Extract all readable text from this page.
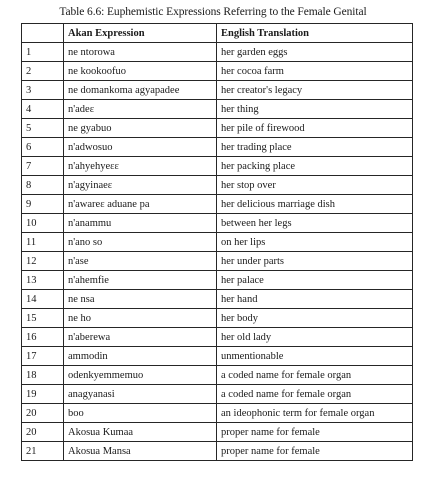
Table 6.6: Euphemistic Expressions Referring to the Female Genital
	Akan Expression	English Translation
1	ne ntorowa	her garden eggs
2	ne kookoofuo	her cocoa farm
3	ne domankoma agyapadee	her creator's legacy
4	n'adeɛ	her thing
5	ne gyabuo	her pile of firewood
6	n'adwosuo	her trading place
7	n'ahyehyeɛɛ	her packing place
8	n'agyinaeɛ	her stop over
9	n'awareɛ aduane pa	her delicious marriage dish
10	n'anammu	between her legs
11	n'ano so	on her lips
12	n'ase	her under parts
13	n'ahemfie	her palace
14	ne nsa	her hand
15	ne ho	her body
16	n'aberewa	her old lady
17	ammodin	unmentionable
18	odenkyemmemuo	a coded name for female organ
19	anagyanasi	a coded name for female organ
20	boo	an ideophonic term for female organ
20	Akosua Kumaa	proper name for female
21	Akosua Mansa	proper name for female
